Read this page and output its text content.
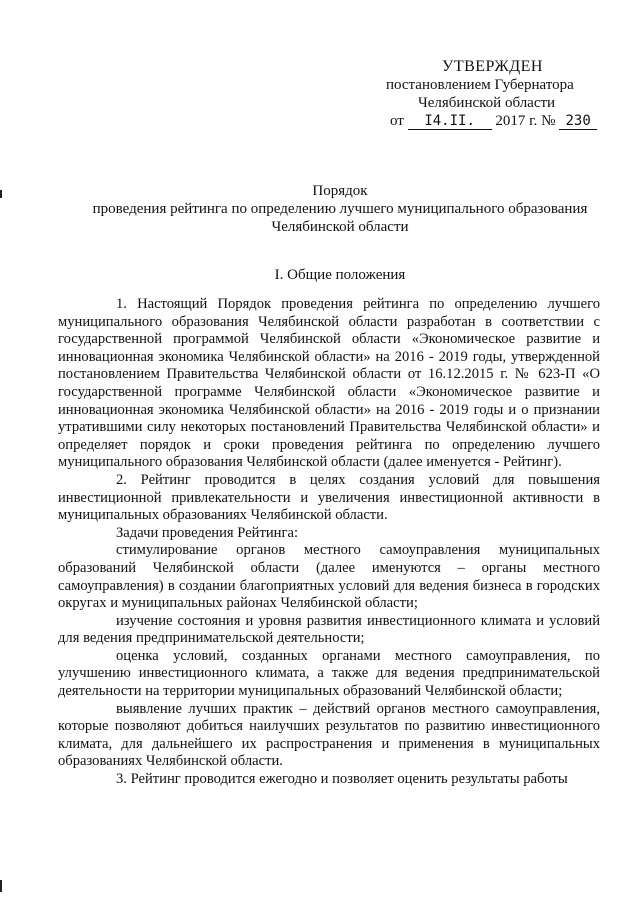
УТВЕРЖДЕН
постановлением Губернатора
Челябинской области
от I4.II. 2017 г. № 230
Порядок
проведения рейтинга по определению лучшего муниципального образования
Челябинской области
I. Общие положения

1. Настоящий Порядок проведения рейтинга по определению лучшего муниципального образования Челябинской области разработан в соответствии с государственной программой Челябинской области «Экономическое развитие и инновационная экономика Челябинской области» на 2016 - 2019 годы, утвержденной постановлением Правительства Челябинской области от 16.12.2015 г. № 623-П «О государственной программе Челябинской области «Экономическое развитие и инновационная экономика Челябинской области» на 2016 - 2019 годы и о признании утратившими силу некоторых постановлений Правительства Челябинской области» и определяет порядок и сроки проведения рейтинга по определению лучшего муниципального образования Челябинской области (далее именуется - Рейтинг).

2. Рейтинг проводится в целях создания условий для повышения инвестиционной привлекательности и увеличения инвестиционной активности в муниципальных образованиях Челябинской области.

Задачи проведения Рейтинга:

стимулирование органов местного самоуправления муниципальных образований Челябинской области (далее именуются – органы местного самоуправления) в создании благоприятных условий для ведения бизнеса в городских округах и муниципальных районах Челябинской области;

изучение состояния и уровня развития инвестиционного климата и условий для ведения предпринимательской деятельности;

оценка условий, созданных органами местного самоуправления, по улучшению инвестиционного климата, а также для ведения предпринимательской деятельности на территории муниципальных образований Челябинской области;

выявление лучших практик – действий органов местного самоуправления, которые позволяют добиться наилучших результатов по развитию инвестиционного климата, для дальнейшего их распространения и применения в муниципальных образованиях Челябинской области.

3. Рейтинг проводится ежегодно и позволяет оценить результаты работы
